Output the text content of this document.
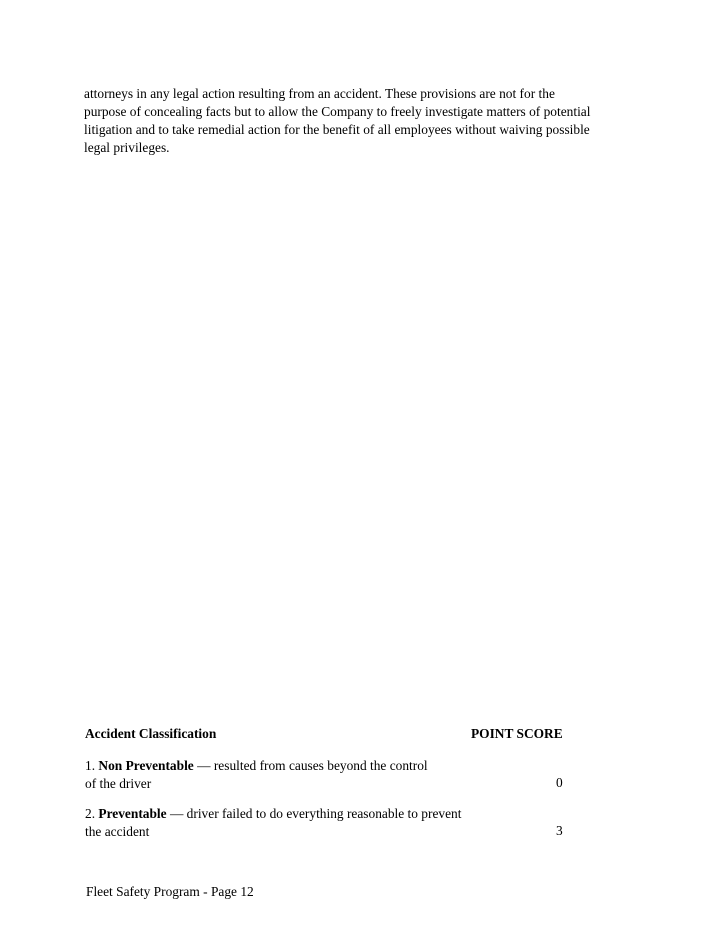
attorneys in any legal action resulting from an accident. These provisions are not for the
purpose of concealing facts but to allow the Company to freely investigate matters of potential
litigation and to take remedial action for the benefit of all employees without waiving possible
legal privileges.
Accident Classification	POINT SCORE
1. Non Preventable — resulted from causes beyond the control
of the driver	0
2. Preventable — driver failed to do everything reasonable to prevent
the accident	3
Fleet Safety Program - Page 12
